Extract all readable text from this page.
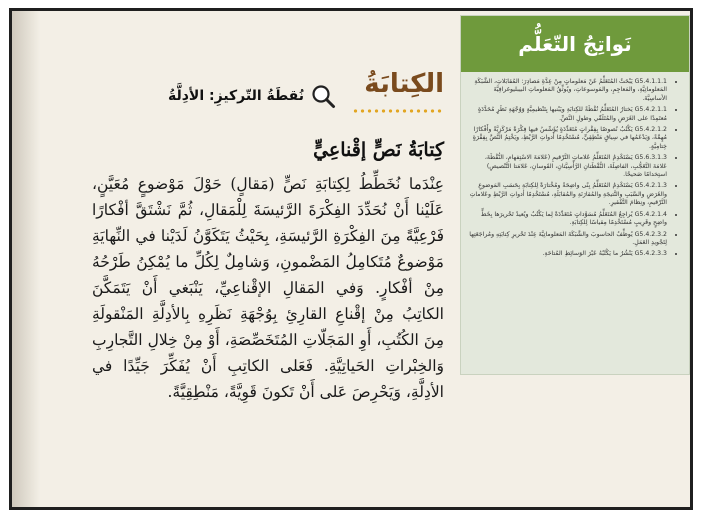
نَواتِجُ التّعَلُّم
• G5.4.1.1.1 يَبْحَثُ المُتَعَلِّمُ عَنْ مَعلوماتٍ مِنْ عِدَّةِ مَصادِرَ: المُقابَلاتِ، الشَّبَكَةِ المَعلوماتِيَّةِ، والمَعاجِمِ، والمَوسوعاتِ، ويُوثِّقُ المَعلوماتِ البيبليوغرافِيَّةَ الأساسِيَّةَ.
• G5.4.2.1.1 يَختارُ المُتَعَلِّمُ نُقْطَةً للكِتابَةِ ويَبْنيها بِتَنْظيمِيَّةٍ وَوُجْهَةِ نَظَرٍ مُحَدَّدَةٍ مُعتَمِدًا على الغَرَضِ والمُتَلَقّي وطولِ النَّصِّ.
• G5.4.2.1.2 يَكْتُبُ نُصوصًا بِفِقْراتٍ مُتَعَدِّدَةٍ يُؤَسِّسُ فيها فِكْرَةً مَرْكَزِيَّةً وأَفْكارًا مُهِمَّةً، وَيَدْعَمُها في سِياقٍ مَنْطِقِيٍّ، مُسْتَخْدِمًا أدواتِ الرَّبْطِ، ويَخْتِمُ النَّصَّ بِفِقْرَةٍ خِتامِيَّةٍ.
• G5.6.3.1.3 يَسْتَخْدِمُ المُتَعَلِّمُ عَلاماتِ التَّرْقيمِ (عَلامَةَ الاسْتِفهامِ، النُّقْطَةَ، عَلامَةَ التَّعَجُّبِ، الفاصِلَةَ، النُّقْطَتانِ الرَّأْسِيَّتانِ، القَوسانِ، عَلامَتا التَّنْصيصِ) استِخدامًا صَحيحًا.
• G5.4.2.1.3 يَسْتَخْدِمُ المُتَعَلِّمُ بِنًى واضِحَةً ومُخْتارَةً لِلكِتابَةِ بِحَسَبِ المَوضوعِ والغَرَضِ والسَّبَبِ والنَّتيجَةِ والمُقارَنَةِ والمُقابَلَةِ، مُسْتَخْدِمًا أدواتِ الرَّبْطِ وعَلاماتِ التَّرْقيمِ، ونِظامَ التَّفْقيرِ.
• G5.4.2.1.4 يُراجِعُ المُتَعَلِّمُ مُسَوَّداتٍ مُتَعَدِّدَةً لِما يَكْتُبُ ويُعيدُ تَحْريرَها بِخَطٍّ واضِحٍ وقَرِيبٍ مُسْتَخْدِمًا مِقياسًا لِلكِتابَةِ.
• G5.4.2.3.2 يُوظِّفُ الحاسوبَ والشَّبَكَةَ المَعلوماتِيَّةَ عِنْدَ تَحْريرِ كِتابَتِهِ ومُراجَعَتِها لِتَجْويدِ العَمَلِ.
• G5.4.2.3.3 يَنْشُرُ ما يَكْتُبُهُ عَبْرَ الوَسائِطِ المُتاحَةِ.
الكِتابَةُ
نُقطَةُ التّركيزِ: الأدِلَّةُ
كِتابَةُ نَصٍّ إقْناعِيٍّ

عِنْدَما نُخَطِّطُ لِكِتابَةِ نَصٍّ (مَقالٍ) حَوْلَ مَوْضوعٍ مُعَيَّنٍ، عَلَيْنا أَنْ نُحَدِّدَ الفِكْرَةَ الرَّئيسَةَ لِلْمَقالِ، ثُمَّ نَشْتَقَّ أفْكارًا فَرْعِيَّةً مِنَ الفِكْرَةِ الرَّئيسَةِ، بِحَيْثُ يَتَكَوَّنُ لَدَيْنا في النِّهايَةِ مَوْضوعٌ مُتَكامِلُ المَضْمونِ، وَشامِلٌ لِكُلِّ ما يُمْكِنُ طَرْحُهُ مِنْ أفْكارٍ. وَفي المَقالِ الإقْناعِيِّ، يَنْبَغي أَنْ يَتَمَكَّنَ الكاتِبُ مِنْ إقْناعِ القارِئِ بِوُجْهَةِ نَظَرِهِ بِالأدِلَّةِ المَنْقولَةِ مِنَ الكُتُبِ، أَوِ المَجَلّاتِ المُتَخَصِّصَةِ، أَوْ مِنْ خِلالِ التَّجارِبِ وَالخِبْراتِ الحَياتِيَّةِ. فَعَلى الكاتِبِ أَنْ يُفَكِّرَ جَيِّدًا في الأدِلَّةِ، وَيَحْرِصَ عَلى أَنْ تَكونَ قَوِيَّةً، مَنْطِقِيَّةً.
